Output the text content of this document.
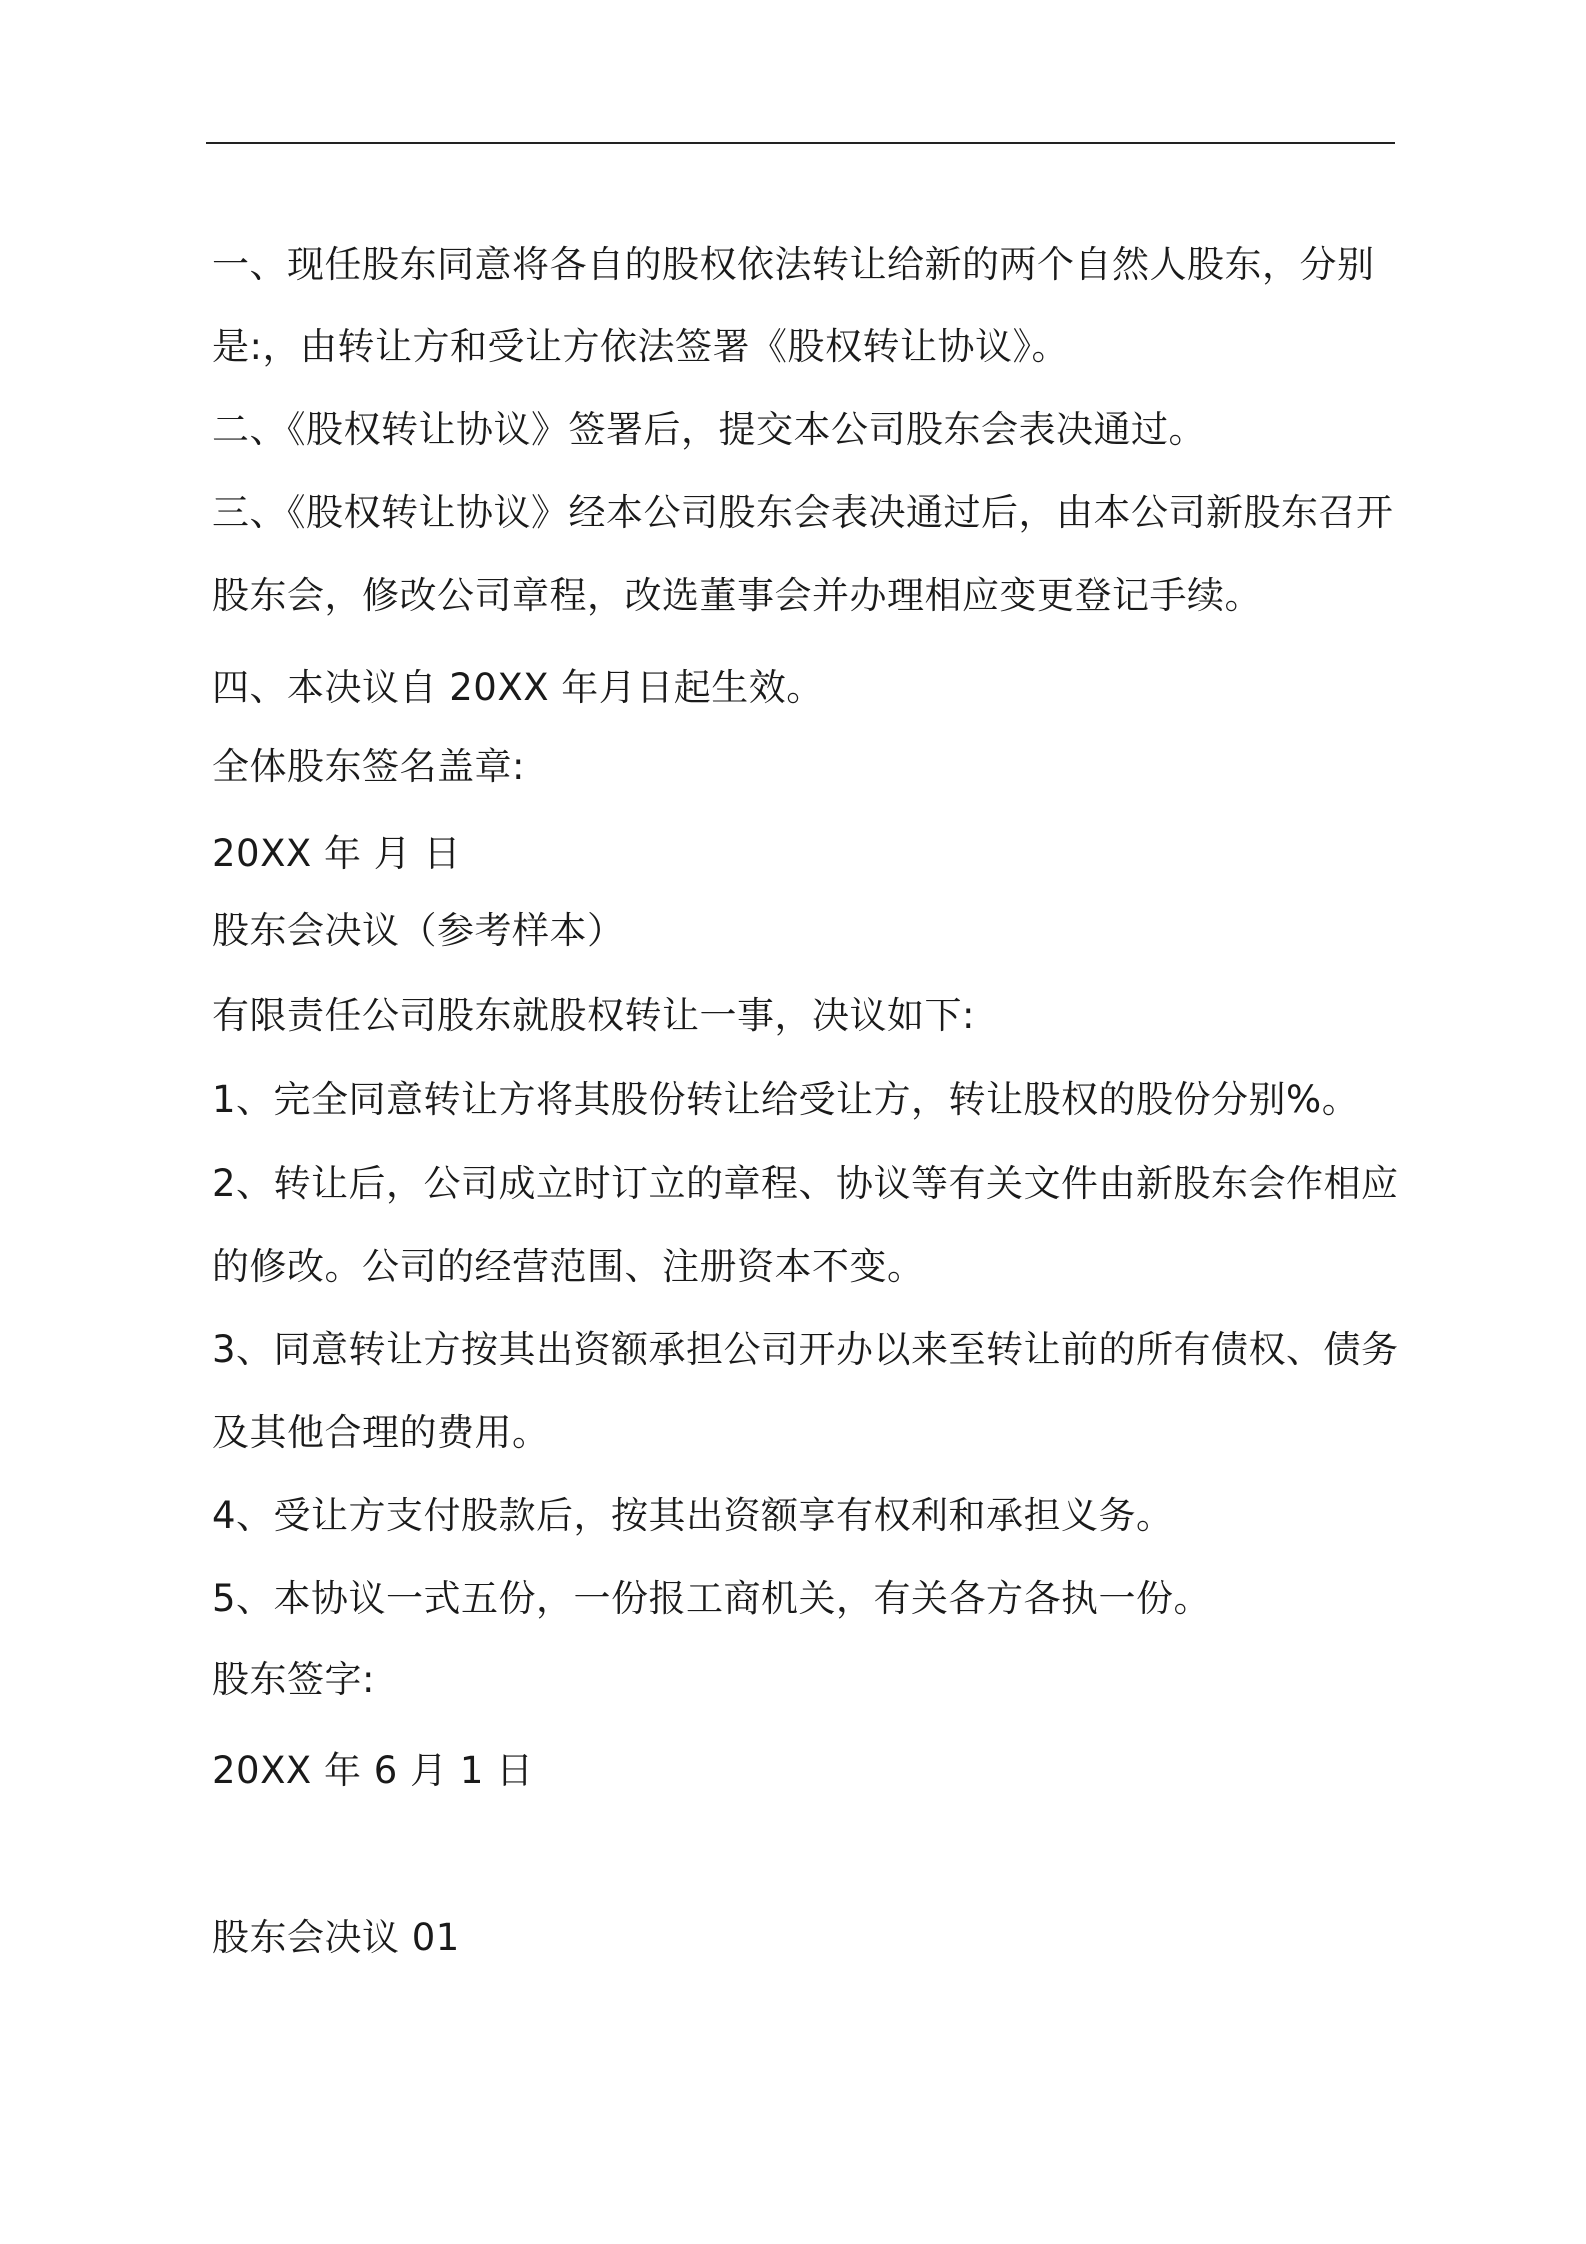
一、现任股东同意将各自的股权依法转让给新的两个自然人股东，分别
是:，由转让方和受让方依法签署《股权转让协议》。
二、《股权转让协议》签署后，提交本公司股东会表决通过。
三、《股权转让协议》经本公司股东会表决通过后，由本公司新股东召开
股东会，修改公司章程，改选董事会并办理相应变更登记手续。
四、本决议自 20XX 年月日起生效。
全体股东签名盖章:
20XX 年 月 日
股东会决议（参考样本）
有限责任公司股东就股权转让一事，决议如下:
1、完全同意转让方将其股份转让给受让方，转让股权的股份分别%。
2、转让后，公司成立时订立的章程、协议等有关文件由新股东会作相应
的修改。公司的经营范围、注册资本不变。
3、同意转让方按其出资额承担公司开办以来至转让前的所有债权、债务
及其他合理的费用。
4、受让方支付股款后，按其出资额享有权利和承担义务。
5、本协议一式五份，一份报工商机关，有关各方各执一份。
股东签字:
20XX 年 6 月 1 日
股东会决议 01
